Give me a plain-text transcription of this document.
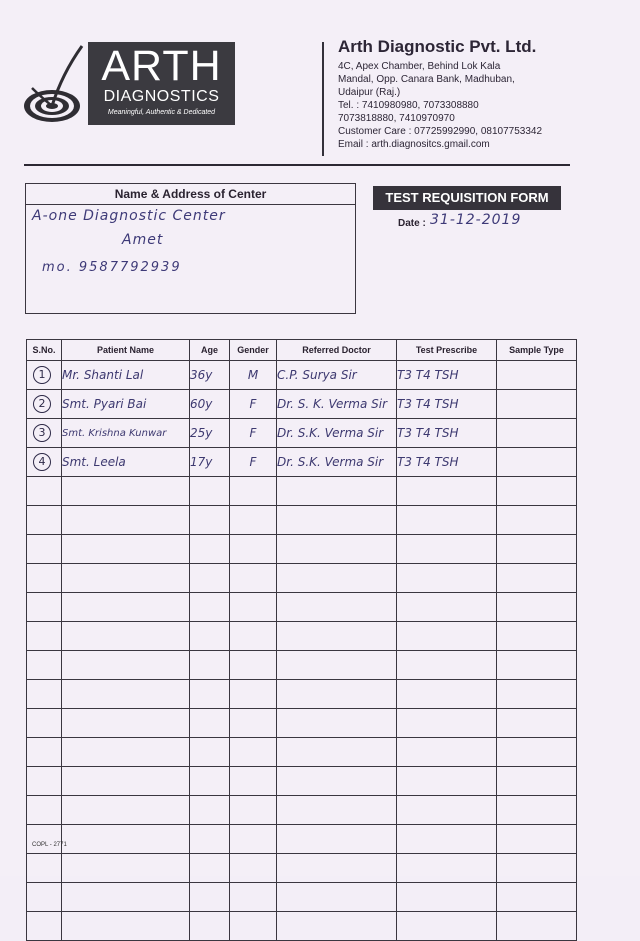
ARTH
DIAGNOSTICS
Meaningful, Authentic & Dedicated
Arth Diagnostic Pvt. Ltd.
4C, Apex Chamber, Behind Lok Kala
Mandal, Opp. Canara Bank, Madhuban,
Udaipur (Raj.)
Tel. : 7410980980, 7073308880
7073818880, 7410970970
Customer Care : 07725992990, 08107753342
Email : arth.diagnositcs.gmail.com
Name & Address of Center
A-one Diagnostic Center
Amet
mo. 9587792939
TEST REQUISITION FORM
Date : 31-12-2019
S.No.	Patient Name	Age	Gender	Referred Doctor	Test Prescribe	Sample Type
1	Mr. Shanti Lal	36y	M	C.P. Surya Sir	T3 T4 TSH	
2	Smt. Pyari Bai	60y	F	Dr. S. K. Verma Sir	T3 T4 TSH	
3	Smt. Krishna Kunwar	25y	F	Dr. S.K. Verma Sir	T3 T4 TSH	
4	Smt. Leela	17y	F	Dr. S.K. Verma Sir	T3 T4 TSH	

COPL - 2771
